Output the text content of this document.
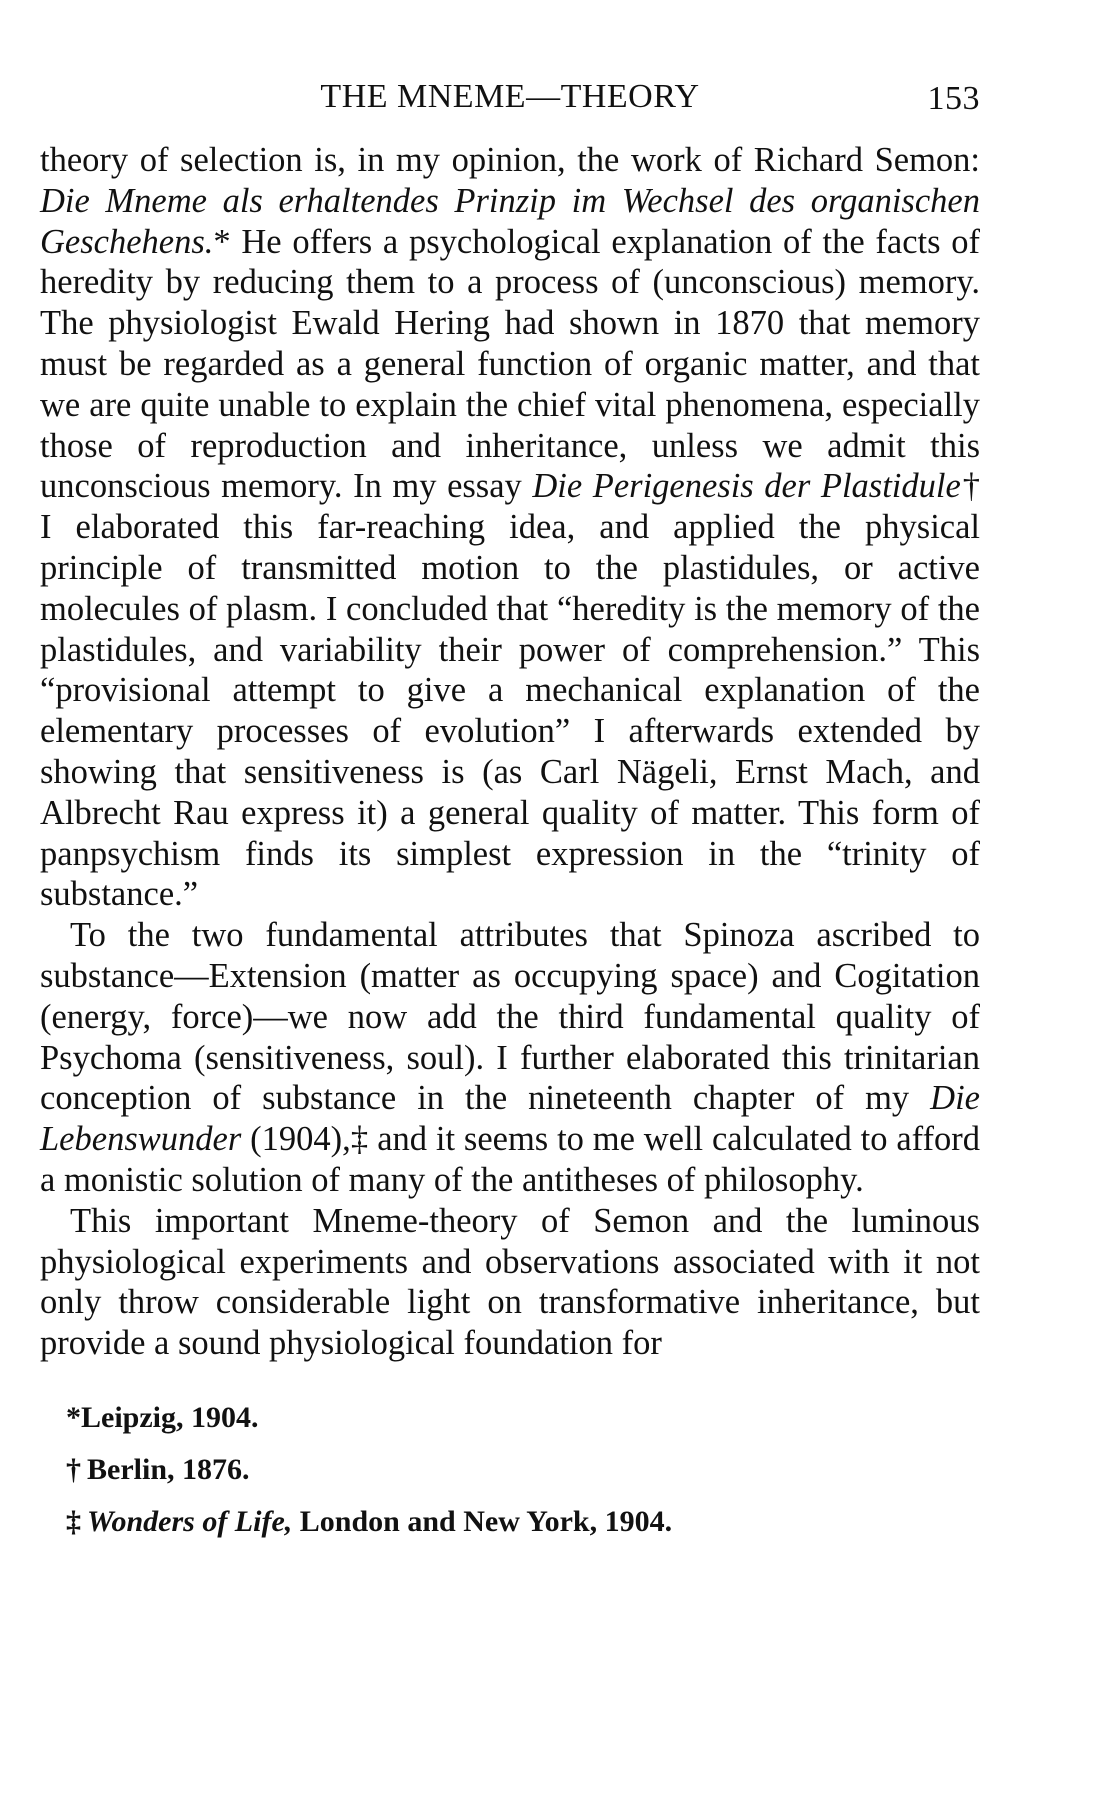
THE MNEME—THEORY	153

theory of selection is, in my opinion, the work of Richard Semon: Die Mneme als erhaltendes Prinzip im Wechsel des organischen Geschehens.* He offers a psychological explanation of the facts of heredity by reducing them to a process of (unconscious) memory. The physiologist Ewald Hering had shown in 1870 that memory must be regarded as a general function of organic matter, and that we are quite unable to explain the chief vital phenomena, especially those of reproduction and inheritance, unless we admit this unconscious memory. In my essay Die Perigenesis der Plastidule† I elaborated this far-reaching idea, and applied the physical principle of transmitted motion to the plastidules, or active molecules of plasm. I concluded that “heredity is the memory of the plastidules, and variability their power of comprehension.” This “provisional attempt to give a mechanical explanation of the elementary processes of evolution” I afterwards extended by showing that sensitiveness is (as Carl Nägeli, Ernst Mach, and Albrecht Rau express it) a general quality of matter. This form of panpsychism finds its simplest expression in the “trinity of substance.”

To the two fundamental attributes that Spinoza ascribed to substance—Extension (matter as occupying space) and Cogitation (energy, force)—we now add the third fundamental quality of Psychoma (sensitiveness, soul). I further elaborated this trinitarian conception of substance in the nineteenth chapter of my Die Lebenswunder (1904),‡ and it seems to me well calculated to afford a monistic solution of many of the antitheses of philosophy.

This important Mneme-theory of Semon and the luminous physiological experiments and observations associated with it not only throw considerable light on transformative inheritance, but provide a sound physiological foundation for

*Leipzig, 1904.
†  Berlin, 1876.
‡  Wonders of Life, London and New York, 1904.
